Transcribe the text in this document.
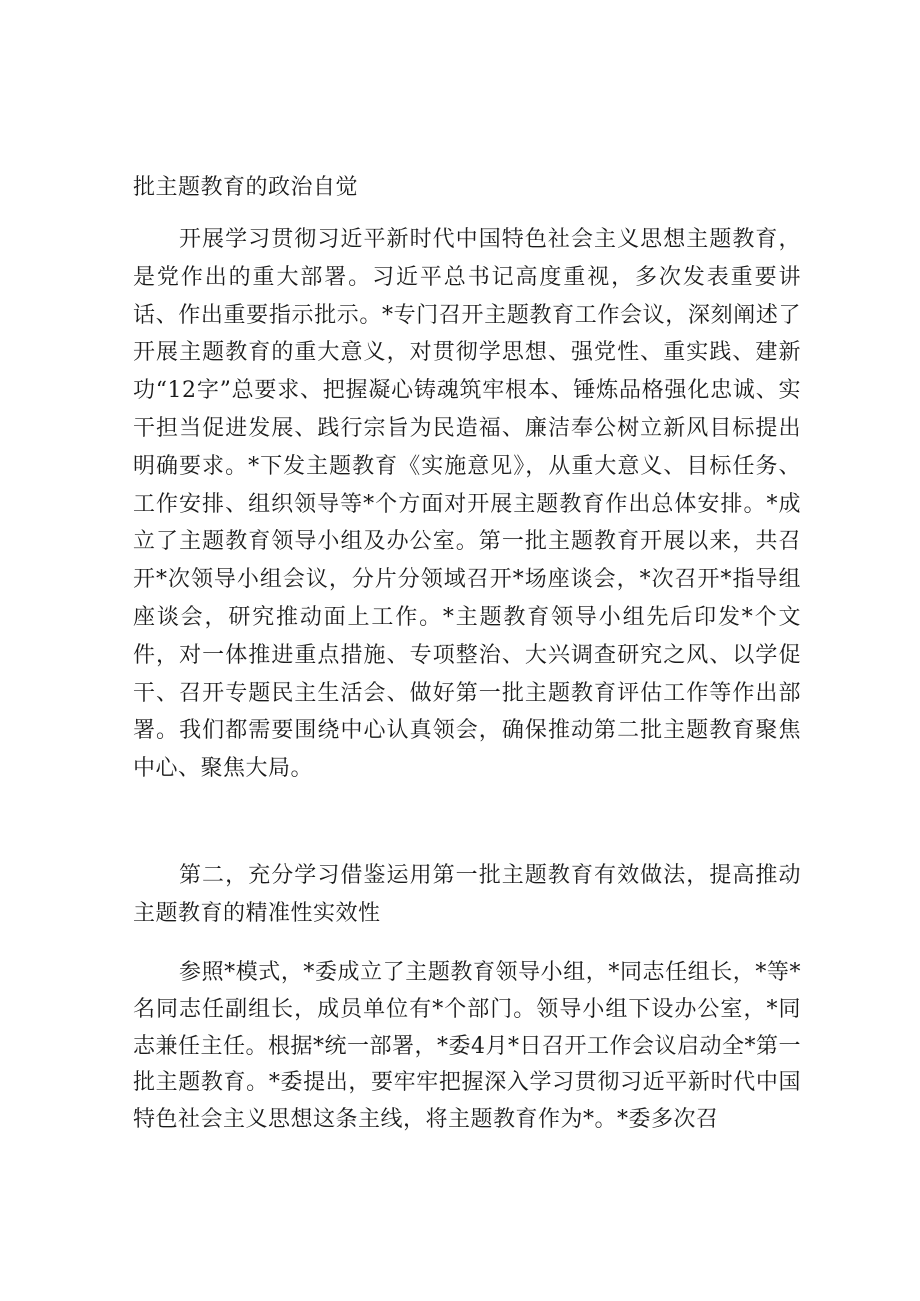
批主题教育的政治自觉

开展学习贯彻习近平新时代中国特色社会主义思想主题教育，是党作出的重大部署。习近平总书记高度重视，多次发表重要讲话、作出重要指示批示。*专门召开主题教育工作会议，深刻阐述了开展主题教育的重大意义，对贯彻学思想、强党性、重实践、建新功“12字”总要求、把握凝心铸魂筑牢根本、锤炼品格强化忠诚、实干担当促进发展、践行宗旨为民造福、廉洁奉公树立新风目标提出明确要求。*下发主题教育《实施意见》，从重大意义、目标任务、工作安排、组织领导等*个方面对开展主题教育作出总体安排。*成立了主题教育领导小组及办公室。第一批主题教育开展以来，共召开*次领导小组会议，分片分领域召开*场座谈会，*次召开*指导组座谈会，研究推动面上工作。*主题教育领导小组先后印发*个文件，对一体推进重点措施、专项整治、大兴调查研究之风、以学促干、召开专题民主生活会、做好第一批主题教育评估工作等作出部署。我们都需要围绕中心认真领会，确保推动第二批主题教育聚焦中心、聚焦大局。

第二，充分学习借鉴运用第一批主题教育有效做法，提高推动主题教育的精准性实效性

参照*模式，*委成立了主题教育领导小组，*同志任组长，*等*名同志任副组长，成员单位有*个部门。领导小组下设办公室，*同志兼任主任。根据*统一部署，*委4月*日召开工作会议启动全*第一批主题教育。*委提出，要牢牢把握深入学习贯彻习近平新时代中国特色社会主义思想这条主线，将主题教育作为*。*委多次召
